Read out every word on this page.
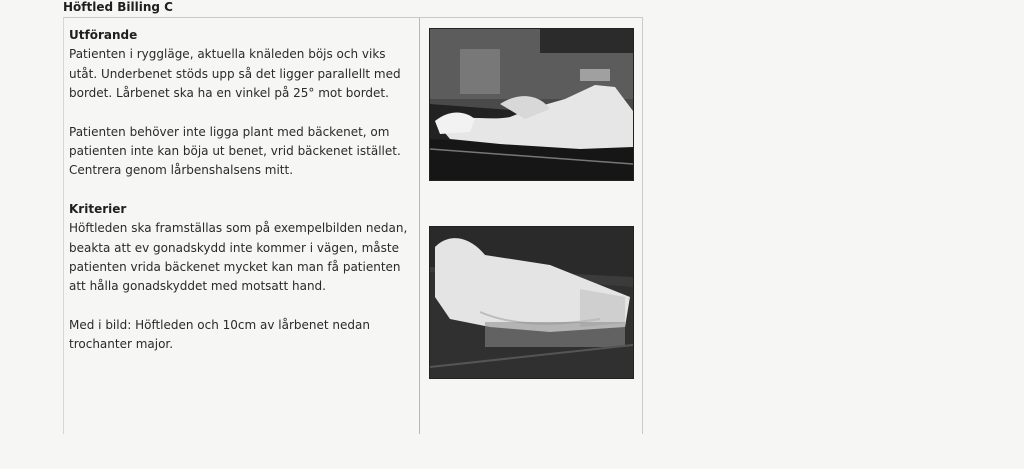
Höftled Billing C
Utförande

Patienten i ryggläge, aktuella knäleden böjs och viks utåt. Underbenet stöds upp så det ligger parallellt med bordet. Lårbenet ska ha en vinkel på 25° mot bordet.

Patienten behöver inte ligga plant med bäckenet, om patienten inte kan böja ut benet, vrid bäckenet istället. Centrera genom lårbenshalsens mitt.

Kriterier

Höftleden ska framställas som på exempelbilden nedan, beakta att ev gonadskydd inte kommer i vägen, måste patienten vrida bäckenet mycket kan man få patienten att hålla gonadskyddet med motsatt hand.

Med i bild: Höftleden och 10cm av lårbenet nedan trochanter major.
